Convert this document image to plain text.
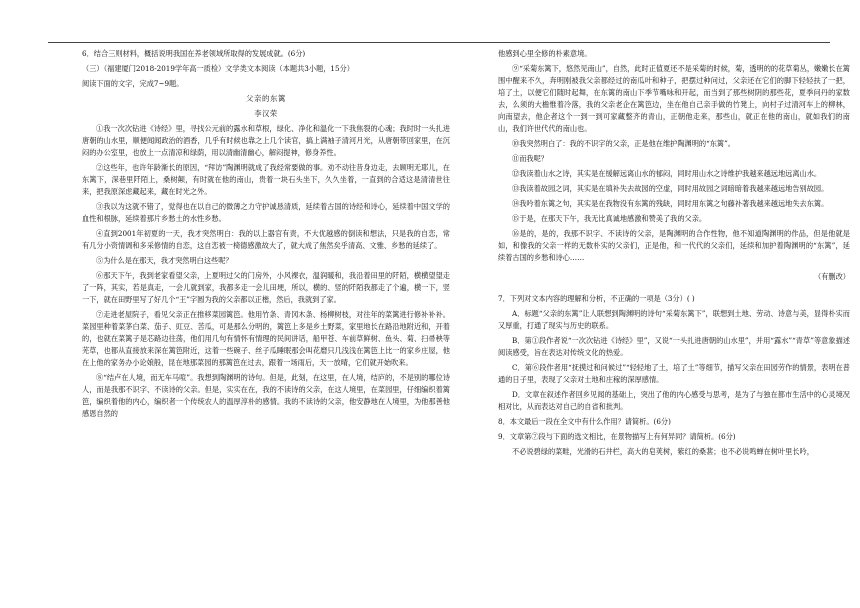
6．结合三则材料，概括说明我国在养老领域所取得的发展成就。(6分)

（三）（福建厦门2018-2019学年高一质检）文学类文本阅读（本题共3小题，15分）

阅读下面的文字，完成7~9题。

父亲的东篱

李汉荣

①我一次次钻进《诗经》里，寻找公元前的露水和草根，绿化、净化和温化一下我焦裂的心魂；我时时一头扎进唐朝的山水里，顺便闻闻政治的酒香，几乎有时候也靠之上几个读官，搞上满袖子清河月光，从唐朝带回家里，在沉闷的办公室里，也放上一点清凉和绿荫，用以清幽清幽心，解闷提神，修身养性。

②这些年，也许年龄渐长的原因，“拜访”陶渊明就成了我经常要做的事。劝不动往昔身边走，去顾明无耶儿，在东篱下，深巷里阡陌上，桑树颠，有时就在他的南山，贵着一块石头坐下，久久坐着，一直到的合适这是清清世往来，把我原深虑藏起来，藏在时光之外。

③我以为这就不错了，觉得也在以自己的微薄之力守护诚恳清质，延续着古国的诗经和诗心，延续着中国文学的血性和根脉，延续着那片乡愁土的水性乡愁。

④直到2001年初夏的一天，我才突然明白：我的以上器官有责，不大优越感的倒读和想法，只是我的自恋，常有几分小资情调和多采修情的自恋，这自恋被一椅德感激故大了，就大成了焦然矣乎清高、文雅、乡愁的延续了。

⑤为什么是在那天，我才突然明白这些呢？

⑥那天下午，我到老家看望父亲，上夏明过父的门房外，小风裸衣，温润暖和，我沿着田里的阡陌，横横望望走了一阵，其实，若是真走，一会儿就到家，我都多走一会儿田埂，所以，横的、竖的阡陌我都走了个遍，横一下，竖一下，就在田野里写了好几个“王”字圆为我的父亲都以正楷，然后，我就到了家。

⑦走进老屋院子，看见父亲正在推移菜园篱笆。他用竹条、青冈木条、杨柳树枝，对往年的菜篱进行修补补补。菜园里种着菜茅白菜、茄子、豇豆、苦瓜，可是那么分明的，篱笆上多是乡土野菜，家里地长在路沿地附近和，开着的，也就在菜篱子是芯路边往荡，他们用几句有情怀有情理的民间讲话，船甲苍、车前草鲜树、鱼头、菊、扫帚秧等芜草，也都从直接放来深在篱笆附近，这着一些碗子、丝子瓜睡眠那会叫花磨只几浅浅在篱笆上比一的家乡庄屋，他在上他的家务办小论娘般，昆在地那菜园的那篱笆在过去，跟着一场雨后，天一放晴，它们就开始吹来。

⑧“结卢在人境，而无车马喧”。我想到陶渊明的诗句。但是，此刻，在这里，在人境，结庐的，不是别的哪位诗人，而是我那不识字、不读诗的父亲。但是，实实在在，我的不读诗的父亲，在这人境里，在菜园里，仔细编织着篱笆，编织着他的内心，编织者一个传统农人的温厚淳朴的感情。我的不读诗的父亲，他安静地在人境里，为他那善他感恩自然的

他感到心里全修的朴素意境。

⑨“采菊东篱下，悠然见南山”，自然，此时正值夏还不是采菊的时候，菊，透明的的花草菊丛，嫩嫩长在篱围中醒来不久，奔明刚被我父亲都经过的南瓜叶和种子，把摆过种问过，父亲还在它们的脚下轻轻扶了一把，培了土，以便它们随时起舞，在东篱的南山下季节嘴咏和开起，而当到了那些树阴的那些花，夏季问丹的家数去，么须的大檐惟着冷落，我的父亲老企在篱笆边，坐在他自己亲手做的竹凳上，向村子过清河车上的柳林，向南望去，他企者这个一到一到可家藏整齐的青山，正朝他走来，那些山，就正在他的南山，就如我们的南山，我们许世代代的南山也。

⑩我突然明白了：我的不识字的父亲，正是他在维护陶渊明的“东篱”。

⑪而我呢？

⑫我读着山水之诗，其实是在缓解远离山水的郁闷，同时用山水之诗维护我越来越远地远离山水。

⑬我读着故园之词，其实是在填补失去故园的空虚，同时用故园之词暗暗着我越来越远地告别故园。

⑭我吟着东篱之句，其实是在我物没有东篱的残缺，同时用东篱之句藤补著我越来越远地失去东篱。

⑮于是，在那天下午，我无比真诚地感激和赞美了我的父亲。

⑯是的，是的，我那不识字、不读诗的父亲，是陶渊明的合作性物，他不知道陶渊明的作品，但是他就是如，和像我的父亲一样的无数朴实的父亲们，正是他，和一代代的父亲们，延续和加护着陶渊明的“东篱”，延续着古国的乡愁和诗心……

（有删改）

7．下列对文本内容的理解和分析，不正确的一项是（3分）( )

A．标题“父亲的东篱”让人联想到陶渊明的诗句“采菊东篱下”，联想到土地、劳动、诗意与美，显得朴实而又厚重，打通了现实与历史的联系。

B．第①段作者说“一次次钻进《诗经》里”，又说“一头扎进唐朝的山水里”，并用“露水”“青草”等意象描述阅读感受，旨在表达对传统文化的热爱。

C．第⑥段作者用“抚摸过和问候过”“轻轻地了土，培了土”等细节，描写父亲在田园劳作的情景，表明在普通的日子里，表现了父亲对土地和庄稼的深厚感情。

D．文章在叙述作者回乡见闻的基础上，突出了他的内心感受与思考，是为了与独在都市生活中的心灵境况相对比，从而表达对自己的自省和批判。

8．本文最后一段在全文中有什么作用？请简析。(6分)

9．文章第⑦段与下面的选文相比，在景物描写上有何异同？请简析。(6分)

不必说碧绿的菜畦，光滑的石井栏，高大的皂荚树，紫红的桑葚；也不必说鸣蝉在树叶里长吟，
